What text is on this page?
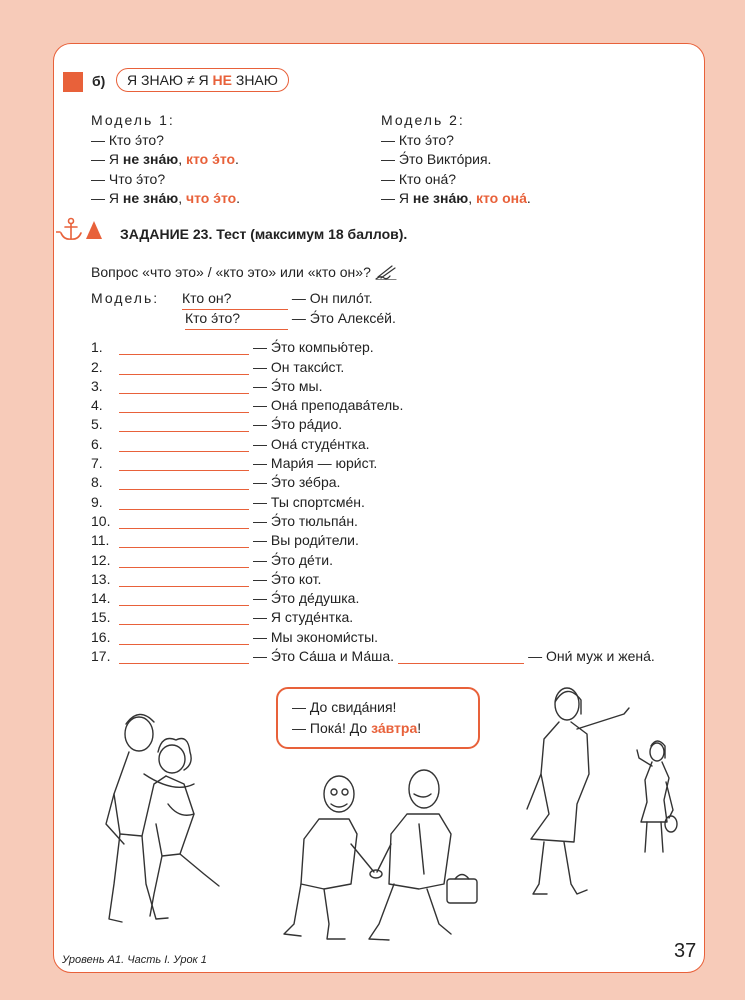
б)	Я ЗНАЮ ≠ Я НЕ ЗНАЮ
Модель 1:
— Кто э́то?
— Я не зна́ю, кто э́то.
— Что э́то?
— Я не зна́ю, что э́то.
Модель 2:
— Кто э́то?
— Э́то Викто́рия.
— Кто она́?
— Я не зна́ю, кто она́.
ЗАДАНИЕ 23. Тест (максимум 18 баллов).
Вопрос «что это» / «кто это» или «кто он»?
Модель: Кто он?	— Он пило́т.
Кто э́то?	— Э́то Алексе́й.
1.	— Э́то компью́тер.
2.	— Он такси́ст.
3.	— Э́то мы.
4.	— Она́ преподава́тель.
5.	— Э́то ра́дио.
6.	— Она́ студе́нтка.
7.	— Мари́я — юри́ст.
8.	— Э́то зе́бра.
9.	— Ты спортсме́н.
10.	— Э́то тюльпа́н.
11.	— Вы роди́тели.
12.	— Э́то де́ти.
13.	— Э́то кот.
14.	— Э́то де́душка.
15.	— Я студе́нтка.
16.	— Мы экономи́сты.
17.	— Э́то Са́ша и Ма́ша.	— Они́ муж и жена́.
— До свида́ния!
— Пока́! До за́втра!
Уровень А1. Часть I. Урок 1	37
